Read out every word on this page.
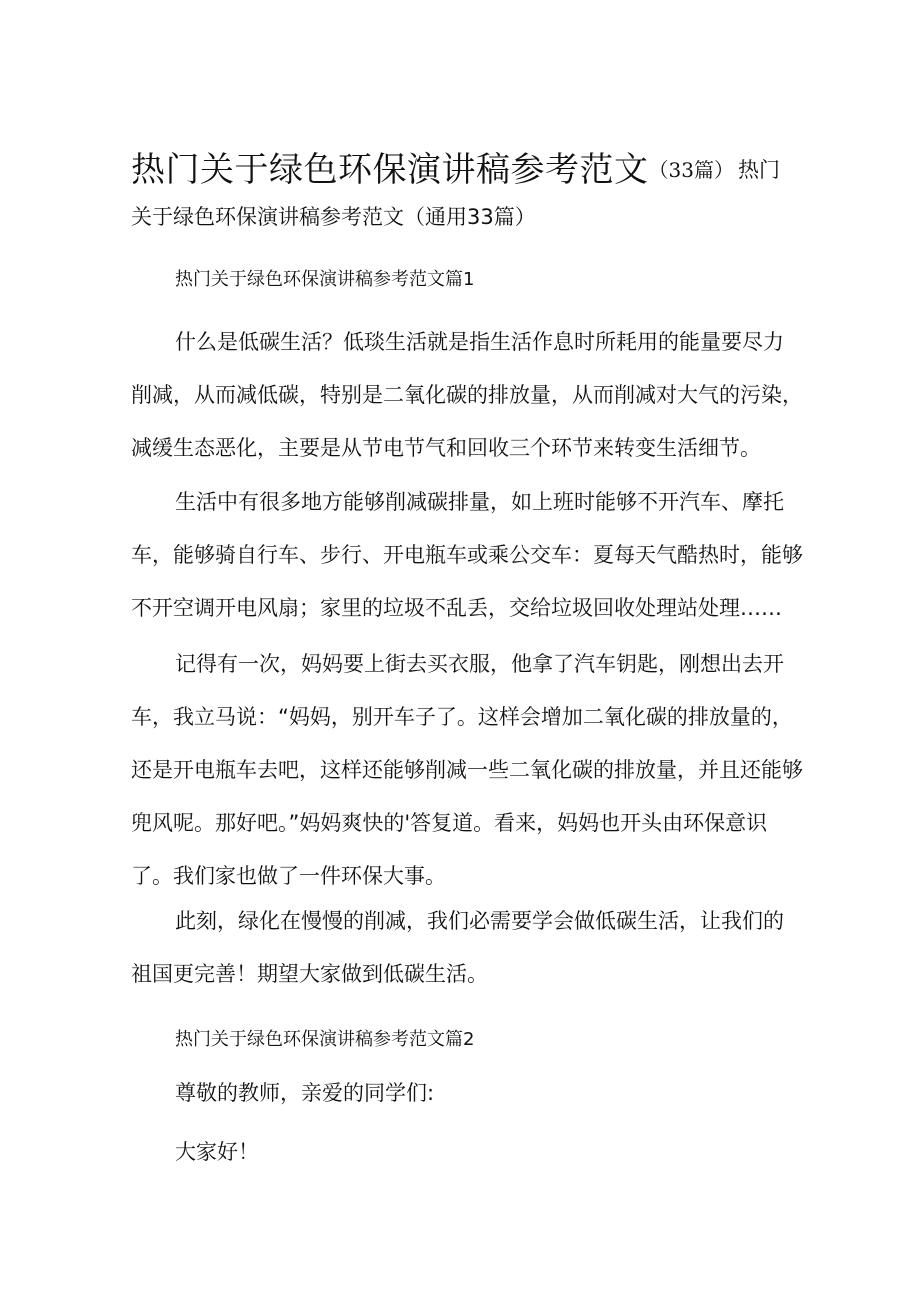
热门关于绿色环保演讲稿参考范文（33篇） 热门
关于绿色环保演讲稿参考范文（通用33篇）
热门关于绿色环保演讲稿参考范文篇1

什么是低碳生活？低琰生活就是指生活作息时所耗用的能量要尽力削减，从而减低碳，特别是二氧化碳的排放量，从而削减对大气的污染，减缓生态恶化，主要是从节电节气和回收三个环节来转变生活细节。

生活中有很多地方能够削减碳排量，如上班时能够不开汽车、摩托车，能够骑自行车、步行、开电瓶车或乘公交车：夏每天气酷热时，能够不开空调开电风扇；家里的垃圾不乱丢，交给垃圾回收处理站处理……

记得有一次，妈妈要上街去买衣服，他拿了汽车钥匙，刚想出去开车，我立马说：“妈妈，别开车子了。这样会增加二氧化碳的排放量的，还是开电瓶车去吧，这样还能够削减一些二氧化碳的排放量，并且还能够兜风呢。那好吧。”妈妈爽快的'答复道。看来，妈妈也开头由环保意识了。我们家也做了一件环保大事。

此刻，绿化在慢慢的削减，我们必需要学会做低碳生活，让我们的祖国更完善！期望大家做到低碳生活。

热门关于绿色环保演讲稿参考范文篇2
尊敬的教师，亲爱的同学们:
大家好！
